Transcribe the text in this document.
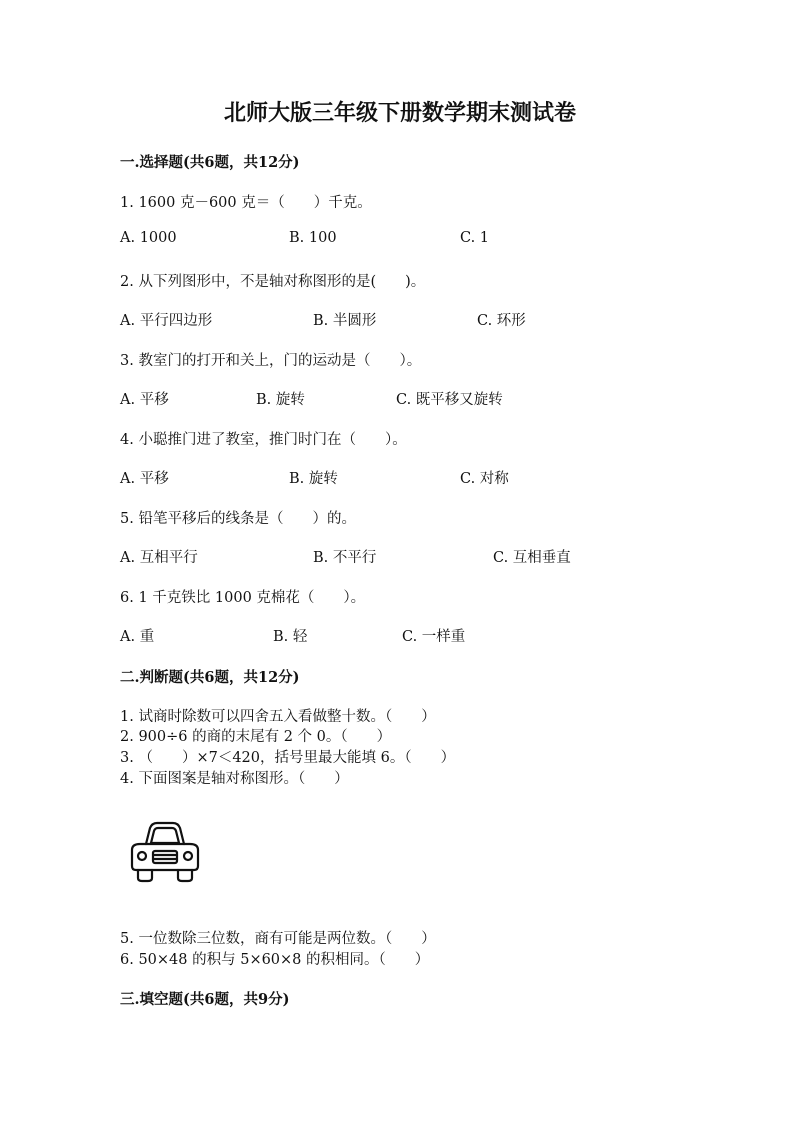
北师大版三年级下册数学期末测试卷
一.选择题(共6题，共12分)
1. 1600 克－600 克＝（　　）千克。
A. 1000	B. 100	C. 1
2. 从下列图形中，不是轴对称图形的是(　　)。
A. 平行四边形	B. 半圆形	C. 环形
3. 教室门的打开和关上，门的运动是（　　）。
A. 平移	B. 旋转	C. 既平移又旋转
4. 小聪推门进了教室，推门时门在（　　）。
A. 平移	B. 旋转	C. 对称
5. 铅笔平移后的线条是（　　）的。
A. 互相平行	B. 不平行	C. 互相垂直
6. 1 千克铁比 1000 克棉花（　　）。
A. 重	B. 轻	C. 一样重
二.判断题(共6题，共12分)
1. 试商时除数可以四舍五入看做整十数。（　　）
2. 900÷6 的商的末尾有 2 个 0。（　　）
3. （　　）×7＜420，括号里最大能填 6。（　　）
4. 下面图案是轴对称图形。（　　）
5. 一位数除三位数，商有可能是两位数。（　　）
6. 50×48 的积与 5×60×8 的积相同。（　　）
三.填空题(共6题，共9分)
